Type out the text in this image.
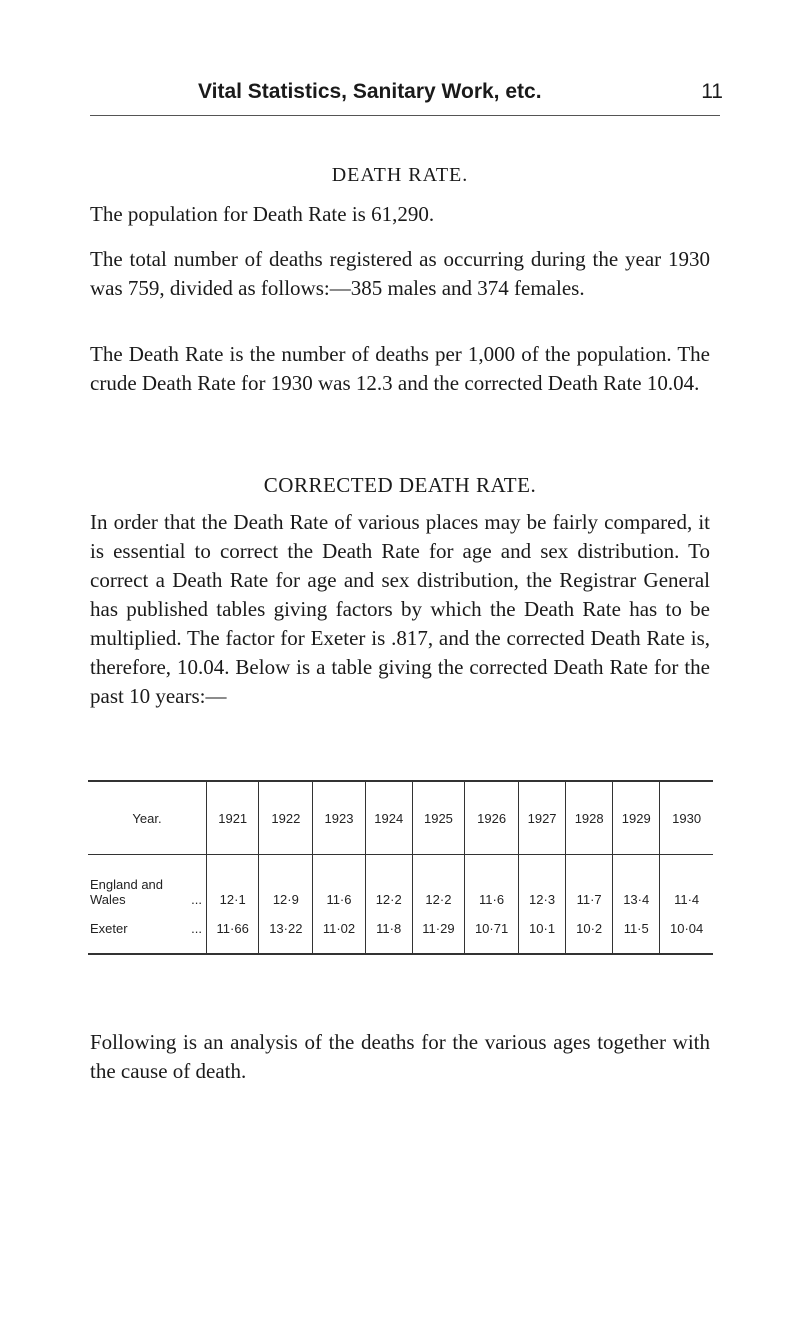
Vital Statistics, Sanitary Work, etc.	11
DEATH RATE.

The population for Death Rate is 61,290.

The total number of deaths registered as occurring during the year 1930 was 759, divided as follows:—385 males and 374 females.

The Death Rate is the number of deaths per 1,000 of the population. The crude Death Rate for 1930 was 12.3 and the corrected Death Rate 10.04.

CORRECTED DEATH RATE.

In order that the Death Rate of various places may be fairly compared, it is essential to correct the Death Rate for age and sex distribution. To correct a Death Rate for age and sex distribution, the Registrar General has published tables giving factors by which the Death Rate has to be multiplied. The factor for Exeter is .817, and the corrected Death Rate is, therefore, 10.04. Below is a table giving the corrected Death Rate for the past 10 years:—

Year.	1921	1922	1923	1924	1925	1926	1927	1928	1929	1930
England and
Wales ...	12·1	12·9	11·6	12·2	12·2	11·6	12·3	11·7	13·4	11·4
Exeter ...	11·66	13·22	11·02	11·8	11·29	10·71	10·1	10·2	11·5	10·04

Following is an analysis of the deaths for the various ages together with the cause of death.
